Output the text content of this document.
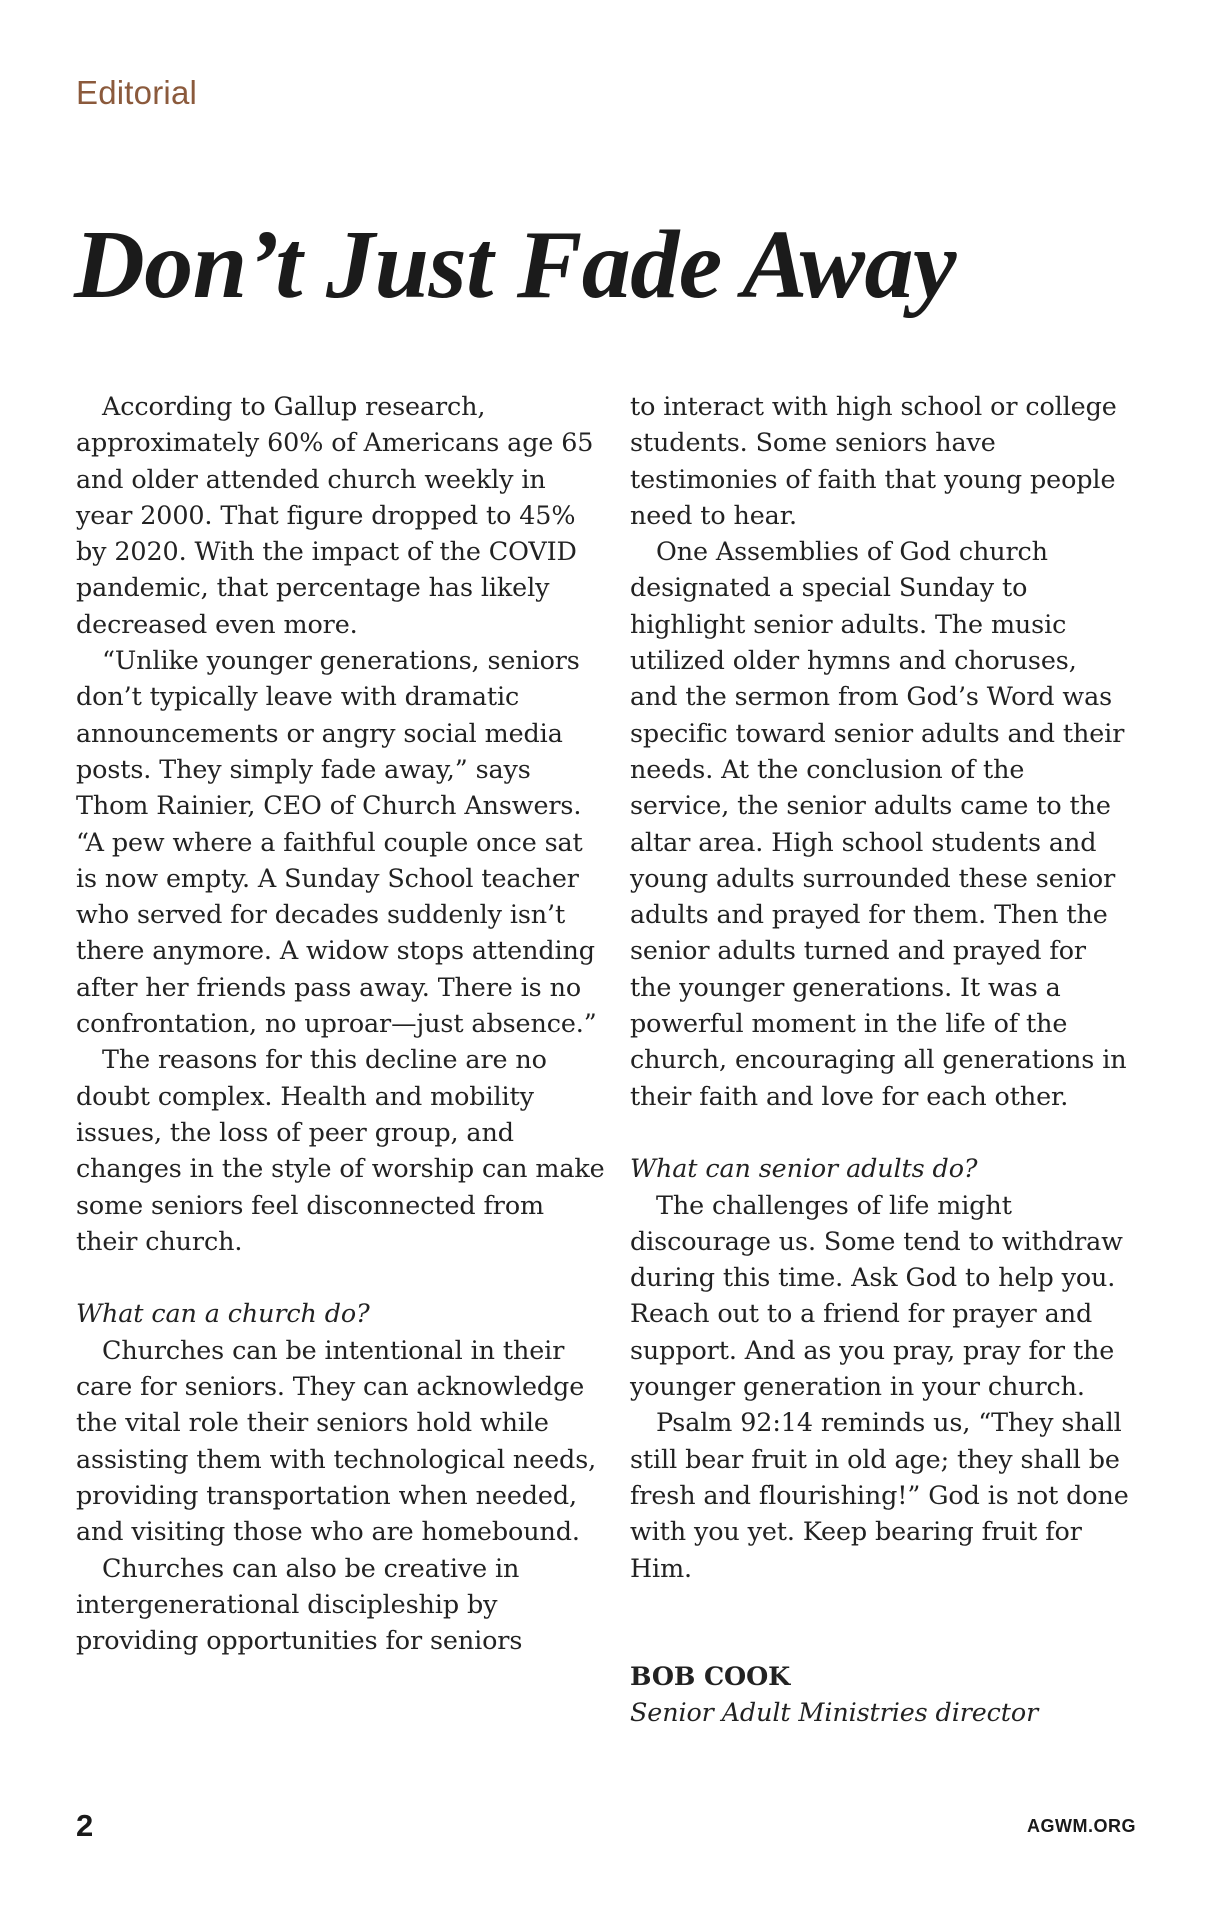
Editorial
Don’t Just Fade Away

According to Gallup research, approximately 60% of Americans age 65 and older attended church weekly in year 2000. That figure dropped to 45% by 2020. With the impact of the COVID pandemic, that percentage has likely decreased even more.

“Unlike younger generations, seniors don’t typically leave with dramatic announcements or angry social media posts. They simply fade away,” says Thom Rainier, CEO of Church Answers. “A pew where a faithful couple once sat is now empty. A Sunday School teacher who served for decades suddenly isn’t there anymore. A widow stops attending after her friends pass away. There is no confrontation, no uproar—just absence.”

The reasons for this decline are no doubt complex. Health and mobility issues, the loss of peer group, and changes in the style of worship can make some seniors feel disconnected from their church.

What can a church do?

Churches can be intentional in their care for seniors. They can acknowledge the vital role their seniors hold while assisting them with technological needs, providing transportation when needed, and visiting those who are homebound.

Churches can also be creative in intergenerational discipleship by providing opportunities for seniors

to interact with high school or college students. Some seniors have testimonies of faith that young people need to hear.

One Assemblies of God church designated a special Sunday to highlight senior adults. The music utilized older hymns and choruses, and the sermon from God’s Word was specific toward senior adults and their needs. At the conclusion of the service, the senior adults came to the altar area. High school students and young adults surrounded these senior adults and prayed for them. Then the senior adults turned and prayed for the younger generations. It was a powerful moment in the life of the church, encouraging all generations in their faith and love for each other.

What can senior adults do?

The challenges of life might discourage us. Some tend to withdraw during this time. Ask God to help you. Reach out to a friend for prayer and support. And as you pray, pray for the younger generation in your church.

Psalm 92:14 reminds us, “They shall still bear fruit in old age; they shall be fresh and flourishing!” God is not done with you yet. Keep bearing fruit for Him.

BOB COOK

Senior Adult Ministries director

2	AGWM.ORG
